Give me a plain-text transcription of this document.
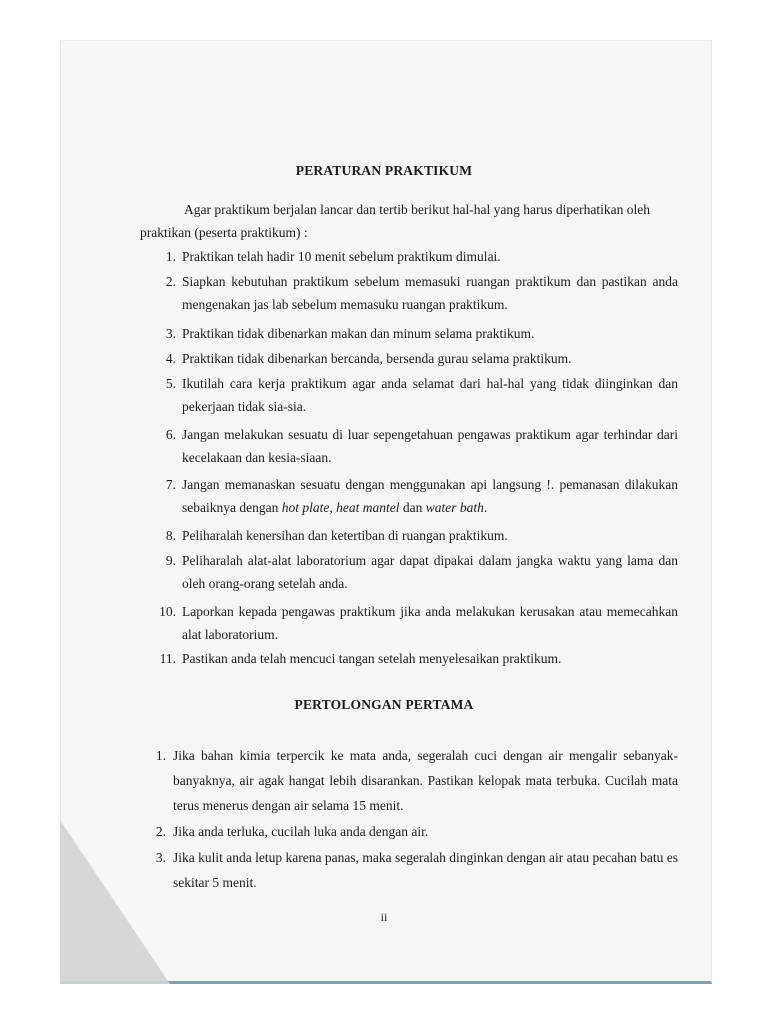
PERATURAN PRAKTIKUM
Agar praktikum berjalan lancar dan tertib berikut hal-hal yang harus diperhatikan oleh
praktikan (peserta praktikum) :
1. Praktikan telah hadir 10 menit sebelum praktikum dimulai.
2. Siapkan kebutuhan praktikum sebelum memasuki ruangan praktikum dan pastikan anda mengenakan jas lab sebelum memasuku ruangan praktikum.
3. Praktikan tidak dibenarkan makan dan minum selama praktikum.
4. Praktikan tidak dibenarkan bercanda, bersenda gurau selama praktikum.
5. Ikutilah cara kerja praktikum agar anda selamat dari hal-hal yang tidak diinginkan dan pekerjaan tidak sia-sia.
6. Jangan melakukan sesuatu di luar sepengetahuan pengawas praktikum agar terhindar dari kecelakaan dan kesia-siaan.
7. Jangan memanaskan sesuatu dengan menggunakan api langsung !. pemanasan dilakukan sebaiknya dengan hot plate, heat mantel dan water bath.
8. Peliharalah kenersihan dan ketertiban di ruangan praktikum.
9. Peliharalah alat-alat laboratorium agar dapat dipakai dalam jangka waktu yang lama dan oleh orang-orang setelah anda.
10. Laporkan kepada pengawas praktikum jika anda melakukan kerusakan atau memecahkan alat laboratorium.
11. Pastikan anda telah mencuci tangan setelah menyelesaikan praktikum.
PERTOLONGAN PERTAMA
1. Jika bahan kimia terpercik ke mata anda, segeralah cuci dengan air mengalir sebanyak-banyaknya, air agak hangat lebih disarankan. Pastikan kelopak mata terbuka. Cucilah mata terus menerus dengan air selama 15 menit.
2. Jika anda terluka, cucilah luka anda dengan air.
3. Jika kulit anda letup karena panas, maka segeralah dinginkan dengan air atau pecahan batu es sekitar 5 menit.
ii
